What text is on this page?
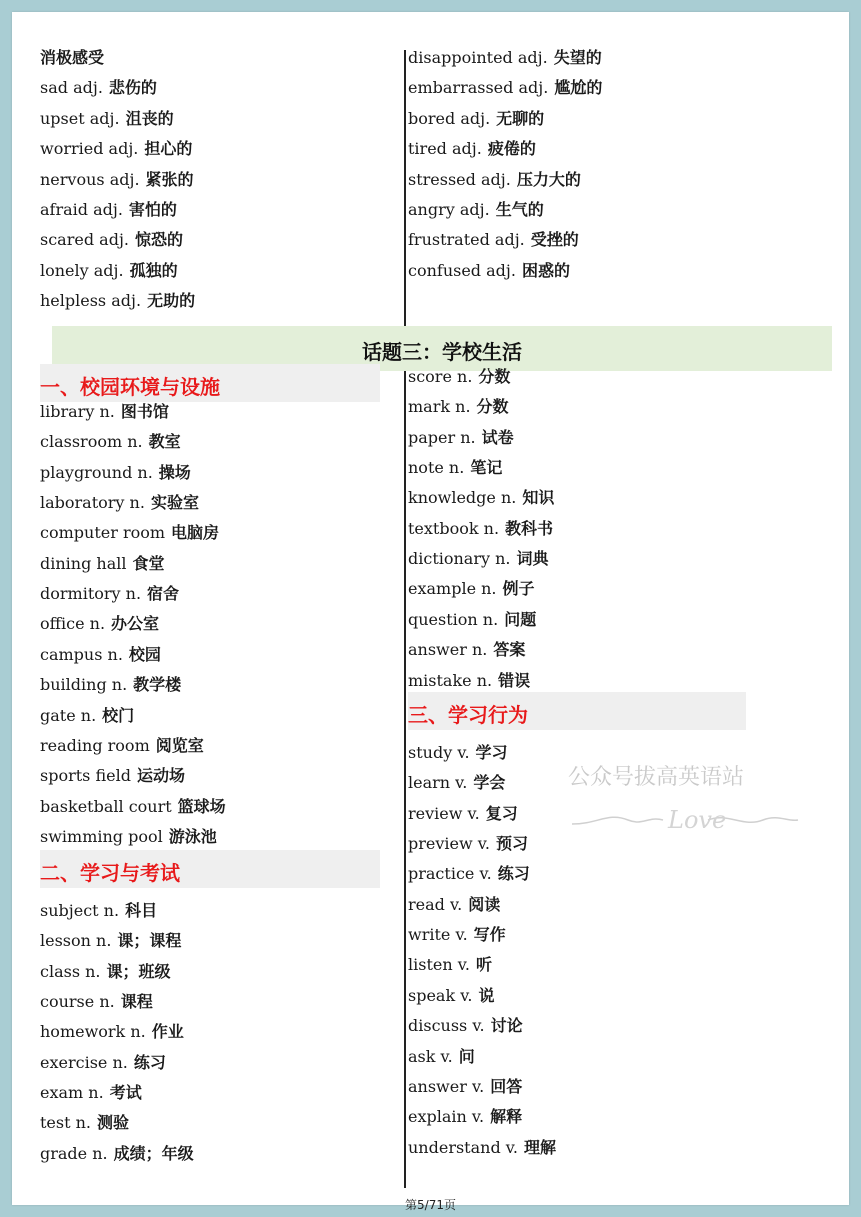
消极感受
sad adj. 悲伤的
upset adj. 沮丧的
worried adj. 担心的
nervous adj. 紧张的
afraid adj. 害怕的
scared adj. 惊恐的
lonely adj. 孤独的
helpless adj. 无助的
disappointed adj. 失望的
embarrassed adj. 尴尬的
bored adj. 无聊的
tired adj. 疲倦的
stressed adj. 压力大的
angry adj. 生气的
frustrated adj. 受挫的
confused adj. 困惑的
话题三：学校生活
一、校园环境与设施
library n. 图书馆
classroom n. 教室
playground n. 操场
laboratory n. 实验室
computer room 电脑房
dining hall 食堂
dormitory n. 宿舍
office n. 办公室
campus n. 校园
building n. 教学楼
gate n. 校门
reading room 阅览室
sports field 运动场
basketball court 篮球场
swimming pool 游泳池
二、学习与考试
subject n. 科目
lesson n. 课；课程
class n. 课；班级
course n. 课程
homework n. 作业
exercise n. 练习
exam n. 考试
test n. 测验
grade n. 成绩；年级
score n. 分数
mark n. 分数
paper n. 试卷
note n. 笔记
knowledge n. 知识
textbook n. 教科书
dictionary n. 词典
example n. 例子
question n. 问题
answer n. 答案
mistake n. 错误
三、学习行为
study v. 学习
learn v. 学会
review v. 复习
preview v. 预习
practice v. 练习
read v. 阅读
write v. 写作
listen v. 听
speak v. 说
discuss v. 讨论
ask v. 问
answer v. 回答
explain v. 解释
understand v. 理解
公众号拔高英语站
Love
第5/71页
